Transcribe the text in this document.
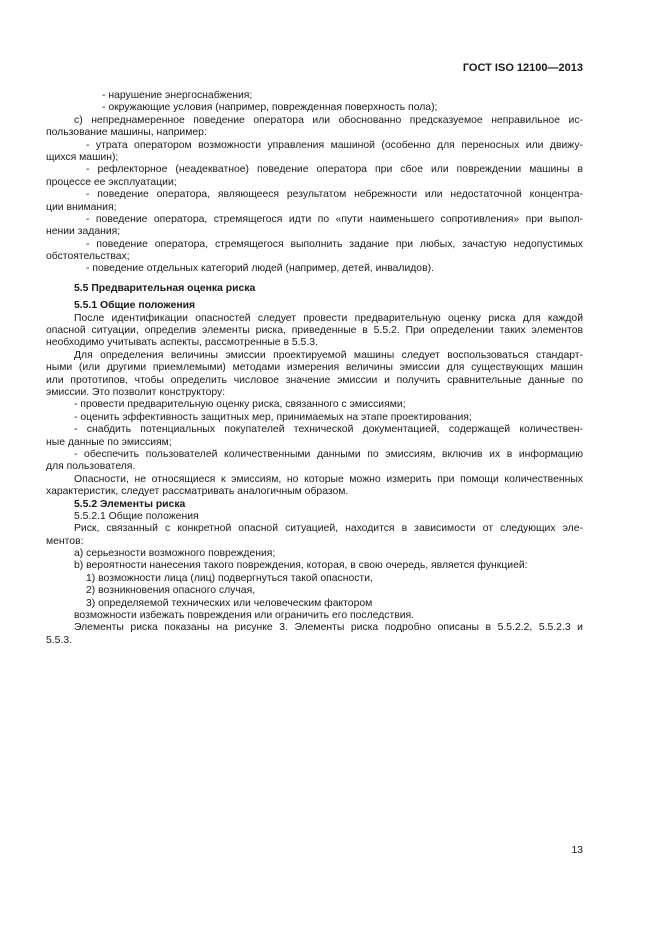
ГОСТ ISO 12100—2013
- нарушение энергоснабжения;
- окружающие условия (например, поврежденная поверхность пола);
c) непреднамеренное поведение оператора или обоснованно предсказуемое неправильное ис-
пользование машины, например:
- утрата оператором возможности управления машиной (особенно для переносных или движу-
щихся машин);
- рефлекторное (неадекватное) поведение оператора при сбое или повреждении машины в
процессе ее эксплуатации;
- поведение оператора, являющееся результатом небрежности или недостаточной концентра-
ции внимания;
- поведение оператора, стремящегося идти по «пути наименьшего сопротивления» при выпол-
нении задания;
- поведение оператора, стремящегося выполнить задание при любых, зачастую недопустимых
обстоятельствах;
- поведение отдельных категорий людей (например, детей, инвалидов).
5.5 Предварительная оценка риска
5.5.1 Общие положения
После идентификации опасностей следует провести предварительную оценку риска для каждой
опасной ситуации, определив элементы риска, приведенные в 5.5.2. При определении таких элементов
необходимо учитывать аспекты, рассмотренные в 5.5.3.
Для определения величины эмиссии проектируемой машины следует воспользоваться стандарт-
ными (или другими приемлемыми) методами измерения величины эмиссии для существующих машин
или прототипов, чтобы определить числовое значение эмиссии и получить сравнительные данные по
эмиссии. Это позволит конструктору:
- провести предварительную оценку риска, связанного с эмиссиями;
- оценить эффективность защитных мер, принимаемых на этапе проектирования;
- снабдить потенциальных покупателей технической документацией, содержащей количествен-
ные данные по эмиссиям;
- обеспечить пользователей количественными данными по эмиссиям, включив их в информацию
для пользователя.
Опасности, не относящиеся к эмиссиям, но которые можно измерить при помощи количественных
характеристик, следует рассматривать аналогичным образом.
5.5.2 Элементы риска
5.5.2.1 Общие положения
Риск, связанный с конкретной опасной ситуацией, находится в зависимости от следующих эле-
ментов:
a) серьезности возможного повреждения;
b) вероятности нанесения такого повреждения, которая, в свою очередь, является функцией:
1) возможности лица (лиц) подвергнуться такой опасности,
2) возникновения опасного случая,
3) определяемой технических или человеческим фактором
возможности избежать повреждения или ограничить его последствия.
Элементы риска показаны на рисунке 3. Элементы риска подробно описаны в 5.5.2.2, 5.5.2.3 и
5.5.3.
13
